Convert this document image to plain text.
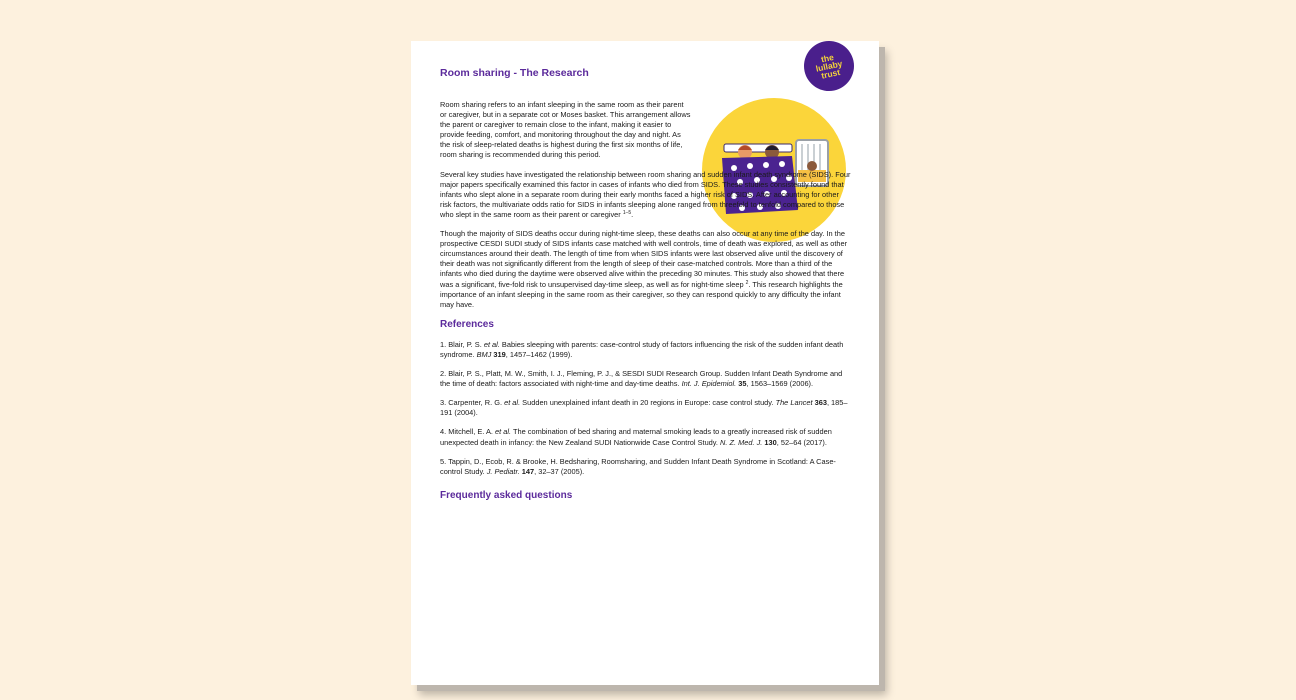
Room sharing - The Research
the
lullaby
trust

Room sharing refers to an infant sleeping in the same room as their parent or caregiver, but in a separate cot or Moses basket. This arrangement allows the parent or caregiver to remain close to the infant, making it easier to provide feeding, comfort, and monitoring throughout the day and night. As the risk of sleep-related deaths is highest during the first six months of life, room sharing is recommended during this period.

Several key studies have investigated the relationship between room sharing and sudden infant death syndrome (SIDS). Four major papers specifically examined this factor in cases of infants who died from SIDS. These studies consistently found that infants who slept alone in a separate room during their early months faced a higher risk of SIDS. After accounting for other risk factors, the multivariate odds ratio for SIDS in infants sleeping alone ranged from threefold to tenfold compared to those who slept in the same room as their parent or caregiver $^{1-5}$.

Though the majority of SIDS deaths occur during night-time sleep, these deaths can also occur at any time of the day. In the prospective CESDI SUDI study of SIDS infants case matched with well controls, time of death was explored, as well as other circumstances around their death. The length of time from when SIDS infants were last observed alive until the discovery of their death was not significantly different from the length of sleep of their case-matched controls. More than a third of the infants who died during the daytime were observed alive within the preceding 30 minutes. This study also showed that there was a significant, five-fold risk to unsupervised day-time sleep, as well as for night-time sleep $^2$. This research highlights the importance of an infant sleeping in the same room as their caregiver, so they can respond quickly to any difficulty the infant may have.

References

1. Blair, P. S. et al. Babies sleeping with parents: case-control study of factors influencing the risk of the sudden infant death syndrome. BMJ 319, 1457–1462 (1999).

2. Blair, P. S., Platt, M. W., Smith, I. J., Fleming, P. J., & SESDI SUDI Research Group. Sudden Infant Death Syndrome and the time of death: factors associated with night-time and day-time deaths. Int. J. Epidemiol. 35, 1563–1569 (2006).

3. Carpenter, R. G. et al. Sudden unexplained infant death in 20 regions in Europe: case control study. The Lancet 363, 185–191 (2004).

4. Mitchell, E. A. et al. The combination of bed sharing and maternal smoking leads to a greatly increased risk of sudden unexpected death in infancy: the New Zealand SUDI Nationwide Case Control Study. N. Z. Med. J. 130, 52–64 (2017).

5. Tappin, D., Ecob, R. & Brooke, H. Bedsharing, Roomsharing, and Sudden Infant Death Syndrome in Scotland: A Case-control Study. J. Pediatr. 147, 32–37 (2005).

Frequently asked questions
